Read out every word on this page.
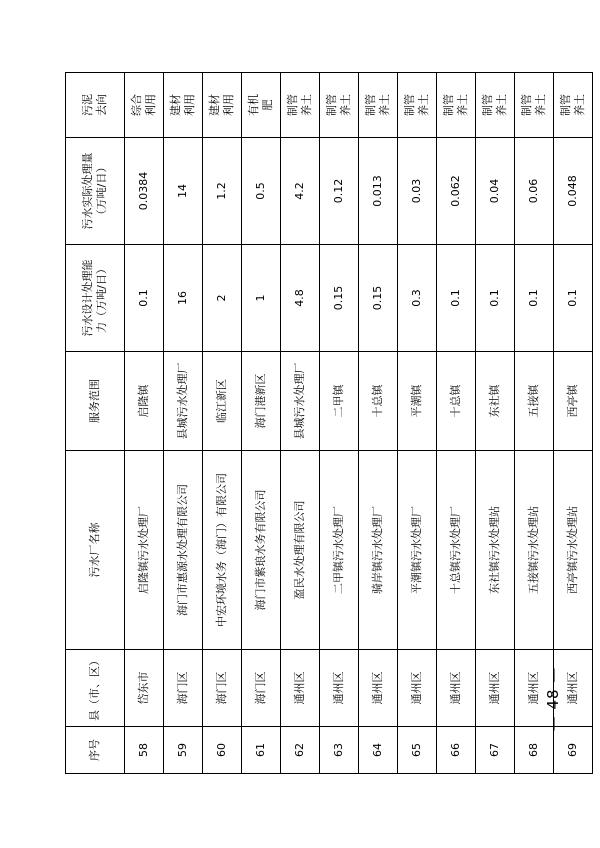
序号	县（市、区）	污水厂名称	服务范围	污水设计处理能 力（万吨/日）	污水实际处理量 （万吨/日）	污泥 去向

58	岱东市	启隆镇污水处理厂	启隆镇	0.1	0.0384	综合 利用

59	海门区	海门市惠源水处理有限公司	县城污水处理厂	16	14	建材 利用

60	海门区	中宏环境水务（海门）有限公司	临江新区	2	1.2	建材 利用

61	海门区	海门市紫琅水务有限公司	海门港新区	1	0.5	有机 肥

62	通州区	盈民水处理有限公司	县城污水处理厂	4.8	4.2	制管 养土

63	通州区	二甲镇污水处理厂	二甲镇	0.15	0.12	制管 养土

64	通州区	骑岸镇污水处理厂	十总镇	0.15	0.013	制管 养土

65	通州区	平潮镇污水处理厂	平潮镇	0.3	0.03	制管 养土

66	通州区	十总镇污水处理厂	十总镇	0.1	0.062	制管 养土

67	通州区	东社镇污水处理站	东社镇	0.1	0.04	制管 养土

68	通州区	五接镇污水处理站	五接镇	0.1	0.06	制管 养土

69	通州区	西亭镇污水处理站	西亭镇	0.1	0.048	制管 养土
— 48 —
